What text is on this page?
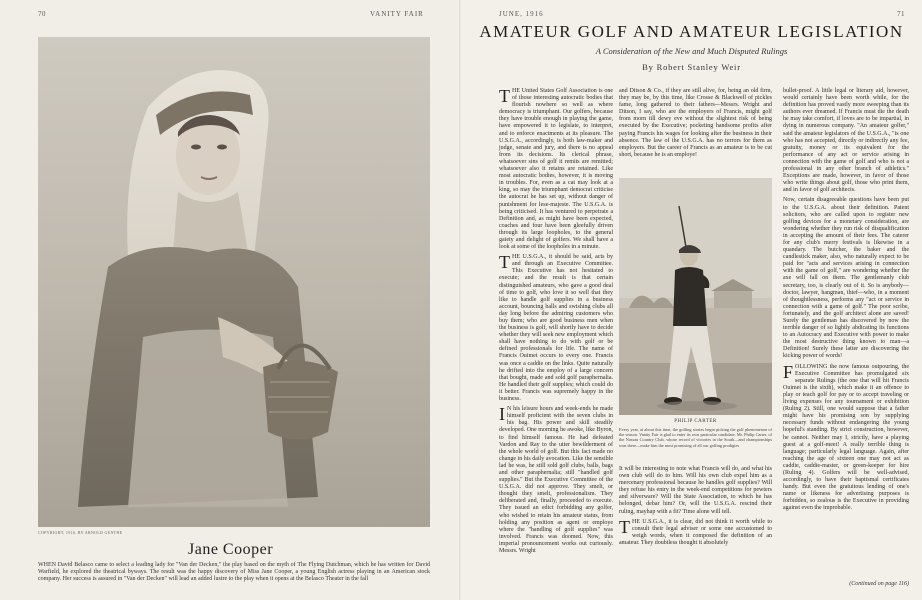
70	VANITY FAIR
COPYRIGHT, 1916, BY ARNOLD GENTHE
Jane Cooper
WHEN David Belasco came to select a leading lady for "Van der Decken," the play based on the myth of The Flying Dutchman, which he has written for David Warfield, he explored the theatrical byways. The result was the happy discovery of Miss Jane Cooper, a young English actress playing in an American stock company. Her success is assured in "Van der Decken" will lead an added lustre to the play when it opens at the Belasco Theater in the fall
JUNE, 1916	71
AMATEUR GOLF AND AMATEUR LEGISLATION
A Consideration of the New and Much Disputed Rulings
By Robert Stanley Weir

THE United States Golf Association is one of those interesting autocratic bodies that flourish nowhere so well as where democracy is triumphant. Our golfers, because they have trouble enough in playing the game, have empowered it to legislate, to interpret, and to enforce enactments at its pleasure. The U.S.G.A., accordingly, is both law-maker and judge, senate and jury, and there is no appeal from its decisions. Its clerical phrase, whatsoever sins of golf it remits are remitted; whatsoever also it retains are retained. Like most autocratic bodies, however, it is moving in troubles. For, even as a cat may look at a king, so may the triumphant democrat criticise the autocrat he has set up, without danger of punishment for lese-majeste. The U.S.G.A. is being criticised. It has ventured to perpetrate a Definition and, as might have been expected, coaches and four have been gleefully driven through its large loopholes, to the general gaiety and delight of golfers. We shall have a look at some of the loopholes in a minute.

THE U.S.G.A., it should be said, acts by and through an Executive Committee. This Executive has not hesitated to execute; and the result is that certain distinguished amateurs, who gave a good deal of time to golf, who love it so well that they like to handle golf supplies in a business account, bouncing balls and swishing clubs all day long before the admiring customers who buy them; who are good business men when the business is golf, will shortly have to decide whether they will seek new employment which shall have nothing to do with golf or be defined professionals for life. The name of Francis Ouimet occurs to every one. Francis was once a caddie on the links. Quite naturally he drifted into the employ of a large concern that bought, made and sold golf paraphernalia. He handled their golf supplies; which could do it better. Francis was supremely happy in the business.

I N his leisure hours and week-ends he made himself proficient with the seven clubs in his bag. His power and skill steadily developed. One morning he awoke, like Byron, to find himself famous. He had defeated Vardon and Ray to the utter bewilderment of the whole world of golf. But this fact made no change in his daily avocation. Like the sensible lad he was, he still sold golf clubs, balls, bags and other paraphernalia; still "handled golf supplies." But the Executive Committee of the U.S.G.A. did not approve. They smelt, or thought they smelt, professionalism. They deliberated and, finally, proceeded to execute. They issued an edict forbidding any golfer, who wished to retain his amateur status, from holding any position as agent or employe where the "handling of golf supplies" was involved. Francis was doomed. Now, this imperial pronouncement works out curiously. Messrs. Wright

and Ditson & Co., if they are still alive, for, being an old firm, they may be, by this time, like Crosse & Blackwell of pickles fame, long gathered to their fathers—Messrs. Wright and Ditson, I say, who are the employers of Francis, might golf from morn till dewy eve without the slightest risk of being executed by the Executive; pocketing handsome profits after paying Francis his wages for looking after the business in their absence. The law of the U.S.G.A. has no terrors for them as employers. But the career of Francis as an amateur is to be cut short, because he is an employe!

PHILIP CARTER
Every year, at about this time, the golfing stories begin picking the golf phenomenon of the season. Vanity Fair is glad to enter its own particular candidate, Mr. Philip Carter, of the Nassau Country Club, whose record of victories in the South—and championships won there—make him the most promising of all our golfing prodigies

It will be interesting to note what Francis will do, and what his own club will do to him. Will his own club expel him as a mercenary professional because he handles golf supplies? Will they refuse his entry in the week-end competitions for pewters and silverware? Will the State Association, to which he has belonged, debar him? Or, will the U.S.G.A. rescind their ruling, mayhap with a fit? Time alone will tell.

THE U.S.G.A., it is clear, did not think it worth while to consult their legal adviser or some one accustomed to weigh words, when it composed the definition of an amateur. They doubtless thought it absolutely

bullet-proof. A little legal or literary aid, however, would certainly have been worth while, for the definition has proved vastly more sweeping than its authors ever dreamed. If Francis must die the death he may take comfort, if loves are to be impartial, in dying in numerous company. "An amateur golfer," said the amateur legislators of the U.S.G.A., "is one who has not accepted, directly or indirectly any fee, gratuity, money or its equivalent for the performance of any act or service arising in connection with the game of golf and who is not a professional in any other branch of athletics." Exceptions are made, however, in favor of those who write things about golf, those who print them, and in favor of golf architects.

Now, certain disagreeable questions have been put to the U.S.G.A. about their definition. Patent solicitors, who are called upon to register new golfing devices for a monetary consideration, are wondering whether they run risk of disqualification in accepting the amount of their fees. The caterer for any club's merry festivals is likewise in a quandary. The butcher, the baker and the candlestick maker, also, who naturally expect to be paid for "acts and services arising in connection with the game of golf," are wondering whether the axe will fall on them. The gentlemanly club secretary, too, is clearly out of it. So is anybody—doctor, lawyer, hangman, thief—who, in a moment of thoughtlessness, performs any "act or service in connection with a game of golf." The poor scribe, fortunately, and the golf architect alone are saved! Surely the gentleman has discovered by now the terrible danger of so lightly abdicating its functions to an Autocracy and Executive with power to make the most destructive thing known to man—a Definition! Surely these latter are discovering the kicking power of words!

FOLLOWING the now famous outpouring, the Executive Committee has promulgated six separate Rulings (the one that will hit Francis Ouimet is the sixth), which make it an offence to play or teach golf for pay or to accept traveling or living expenses for any tournament or exhibition (Ruling 2). Still, one would suppose that a father might have his promising son by supplying necessary funds without endangering the young hopeful's standing. By strict construction, however, he cannot. Neither may I, strictly, have a playing guest at a golf-meet! A really terrible thing is language; particularly legal language. Again, after reaching the age of sixteen one may not act as caddie, caddie-master, or green-keeper for hire (Ruling 4). Golfers will be well-advised, accordingly, to have their baptismal certificates handy. But even the gratuitous lending of one's name or likeness for advertising purposes is forbidden, so zealous is the Executive in providing against even the improbable.

(Continued on page 116)
